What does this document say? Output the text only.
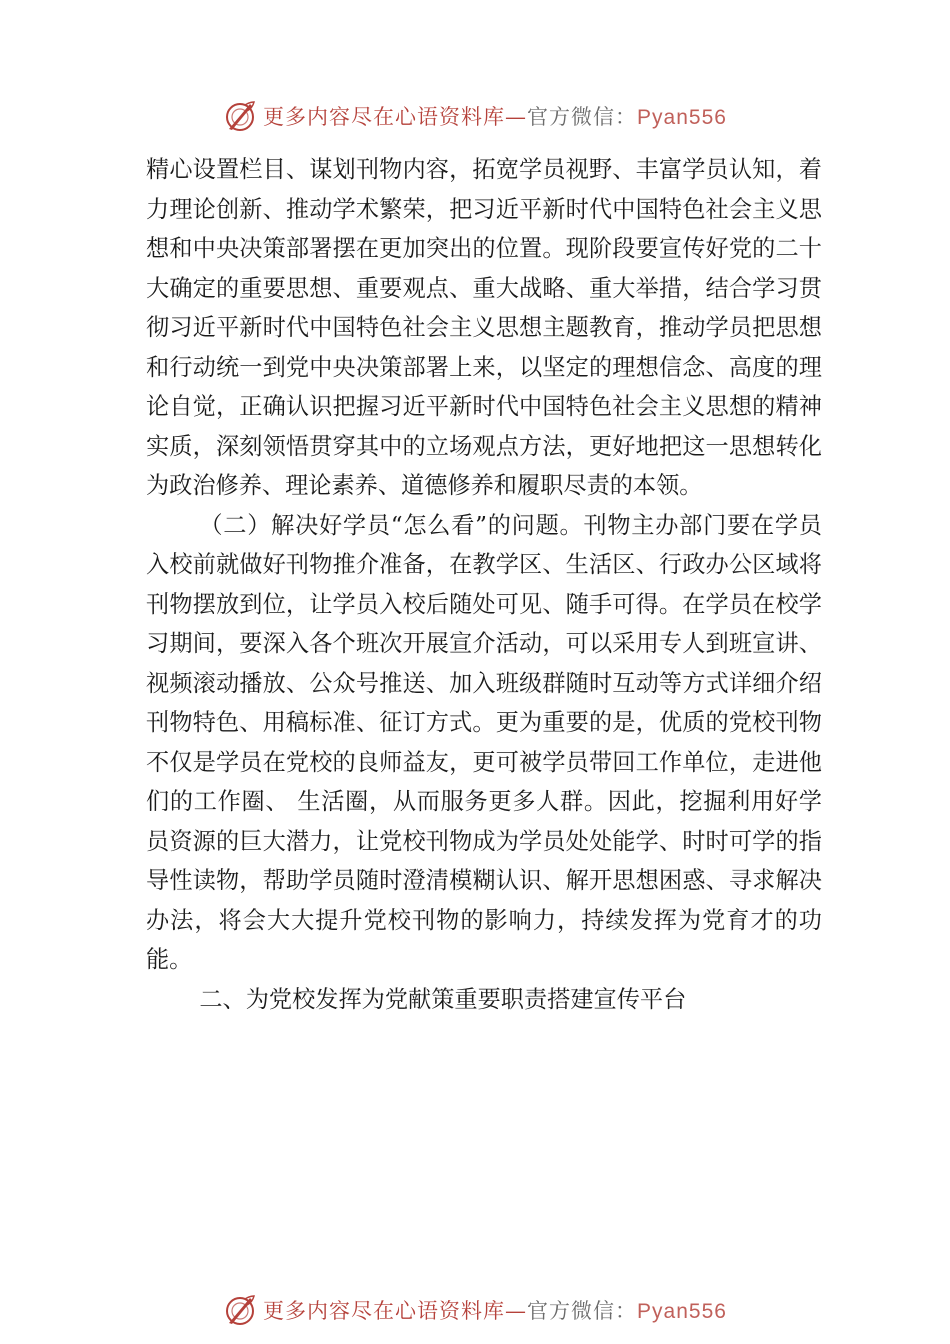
更多内容尽在心语资料库—官方微信：Pyan556

精心设置栏目、谋划刊物内容，拓宽学员视野、丰富学员认知，着力理论创新、推动学术繁荣，把习近平新时代中国特色社会主义思想和中央决策部署摆在更加突出的位置。现阶段要宣传好党的二十大确定的重要思想、重要观点、重大战略、重大举措，结合学习贯彻习近平新时代中国特色社会主义思想主题教育，推动学员把思想和行动统一到党中央决策部署上来，以坚定的理想信念、高度的理论自觉，正确认识把握习近平新时代中国特色社会主义思想的精神实质，深刻领悟贯穿其中的立场观点方法，更好地把这一思想转化为政治修养、理论素养、道德修养和履职尽责的本领。

（二）解决好学员“怎么看”的问题。刊物主办部门要在学员入校前就做好刊物推介准备，在教学区、生活区、行政办公区域将刊物摆放到位，让学员入校后随处可见、随手可得。在学员在校学习期间，要深入各个班次开展宣介活动，可以采用专人到班宣讲、视频滚动播放、公众号推送、加入班级群随时互动等方式详细介绍刊物特色、用稿标准、征订方式。更为重要的是，优质的党校刊物不仅是学员在党校的良师益友，更可被学员带回工作单位，走进他们的工作圈、 生活圈，从而服务更多人群。因此，挖掘利用好学员资源的巨大潜力，让党校刊物成为学员处处能学、时时可学的指导性读物，帮助学员随时澄清模糊认识、解开思想困惑、寻求解决办法，将会大大提升党校刊物的影响力，持续发挥为党育才的功能。

二、为党校发挥为党献策重要职责搭建宣传平台

更多内容尽在心语资料库—官方微信：Pyan556
